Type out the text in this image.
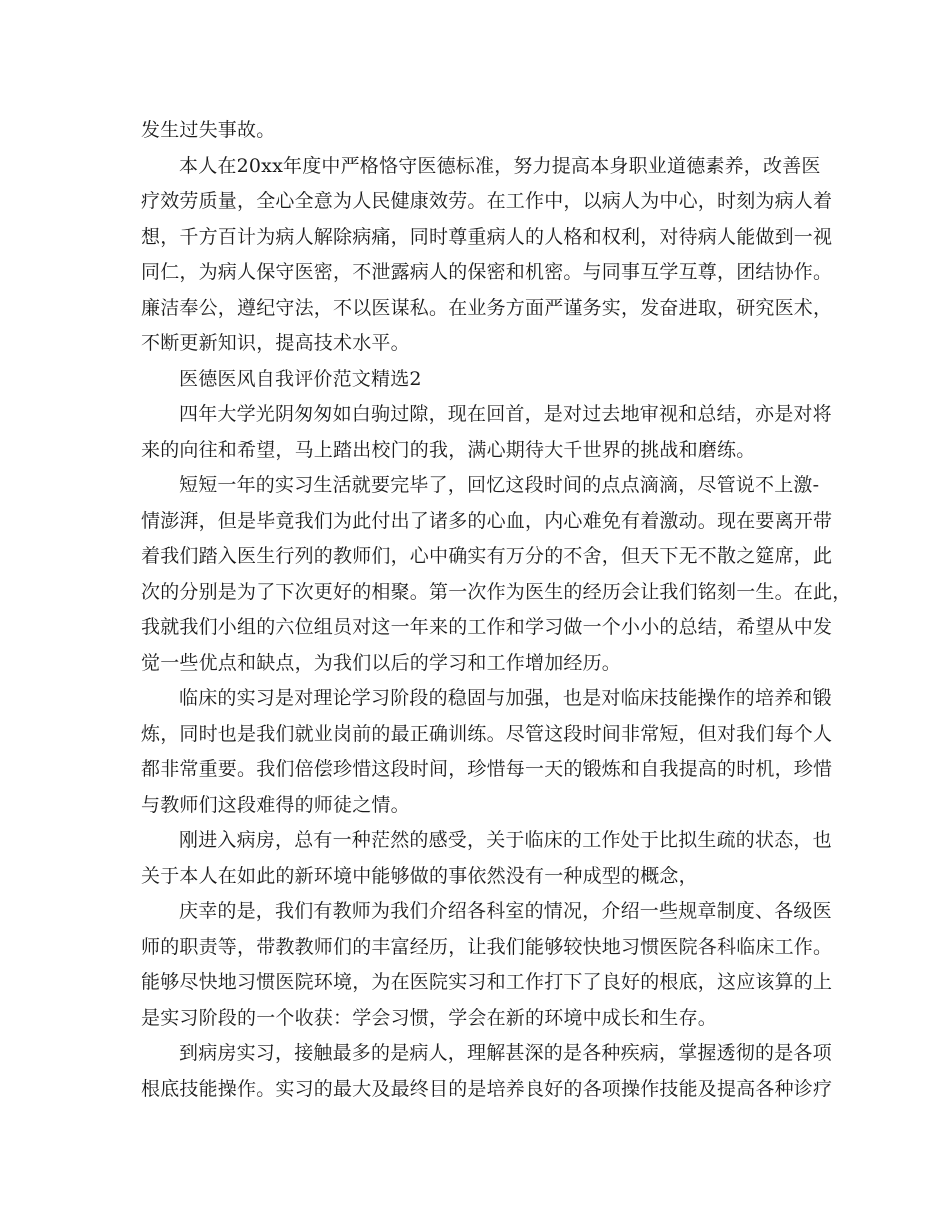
发生过失事故。
本人在20xx年度中严格恪守医德标准，努力提高本身职业道德素养，改善医
疗效劳质量，全心全意为人民健康效劳。在工作中，以病人为中心，时刻为病人着
想，千方百计为病人解除病痛，同时尊重病人的人格和权利，对待病人能做到一视
同仁，为病人保守医密，不泄露病人的保密和机密。与同事互学互尊，团结协作。
廉洁奉公，遵纪守法，不以医谋私。在业务方面严谨务实，发奋进取，研究医术，
不断更新知识，提高技术水平。
医德医风自我评价范文精选2
四年大学光阴匆匆如白驹过隙，现在回首，是对过去地审视和总结，亦是对将
来的向往和希望，马上踏出校门的我，满心期待大千世界的挑战和磨练。
短短一年的实习生活就要完毕了，回忆这段时间的点点滴滴，尽管说不上激-
情澎湃，但是毕竟我们为此付出了诸多的心血，内心难免有着激动。现在要离开带
着我们踏入医生行列的教师们，心中确实有万分的不舍，但天下无不散之筵席，此
次的分别是为了下次更好的相聚。第一次作为医生的经历会让我们铭刻一生。在此，
我就我们小组的六位组员对这一年来的工作和学习做一个小小的总结，希望从中发
觉一些优点和缺点，为我们以后的学习和工作增加经历。
临床的实习是对理论学习阶段的稳固与加强，也是对临床技能操作的培养和锻
炼，同时也是我们就业岗前的最正确训练。尽管这段时间非常短，但对我们每个人
都非常重要。我们倍偿珍惜这段时间，珍惜每一天的锻炼和自我提高的时机，珍惜
与教师们这段难得的师徒之情。
刚进入病房，总有一种茫然的感受，关于临床的工作处于比拟生疏的状态，也
关于本人在如此的新环境中能够做的事依然没有一种成型的概念，
庆幸的是，我们有教师为我们介绍各科室的情况，介绍一些规章制度、各级医
师的职责等，带教教师们的丰富经历，让我们能够较快地习惯医院各科临床工作。
能够尽快地习惯医院环境，为在医院实习和工作打下了良好的根底，这应该算的上
是实习阶段的一个收获：学会习惯，学会在新的环境中成长和生存。
到病房实习，接触最多的是病人，理解甚深的是各种疾病，掌握透彻的是各项
根底技能操作。实习的最大及最终目的是培养良好的各项操作技能及提高各种诊疗
